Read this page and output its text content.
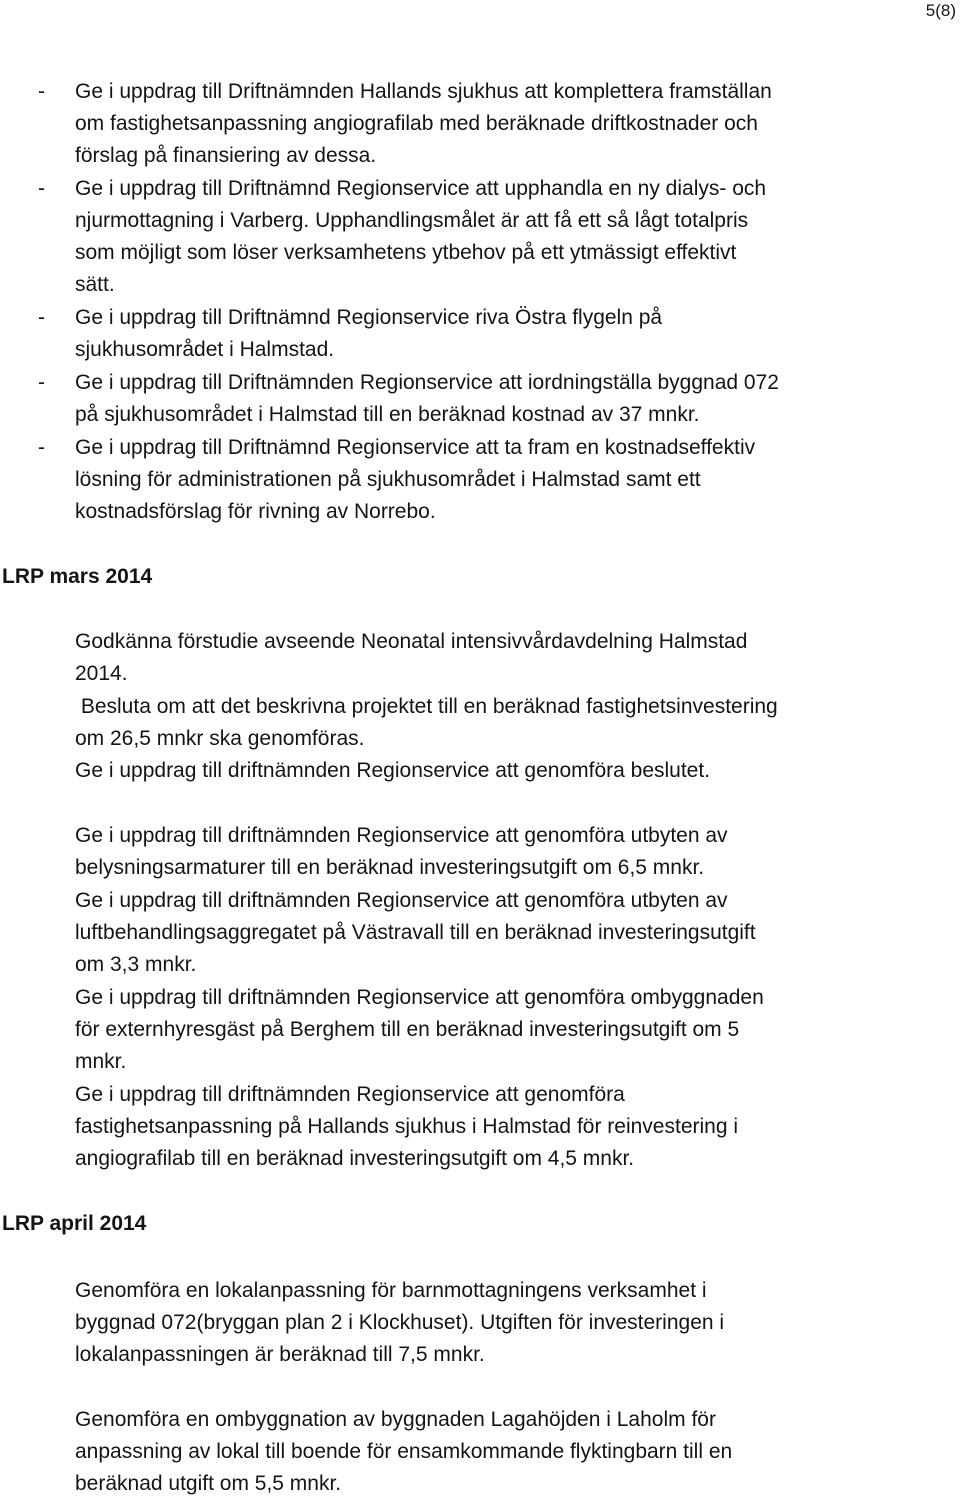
5(8)
- Ge i uppdrag till Driftnämnden Hallands sjukhus att komplettera framställan
om fastighetsanpassning angiografilab med beräknade driftkostnader och
förslag på finansiering av dessa.
- Ge i uppdrag till Driftnämnd Regionservice att upphandla en ny dialys- och
njurmottagning i Varberg. Upphandlingsmålet är att få ett så lågt totalpris
som möjligt som löser verksamhetens ytbehov på ett ytmässigt effektivt
sätt.
- Ge i uppdrag till Driftnämnd Regionservice riva Östra flygeln på
sjukhusområdet i Halmstad.
- Ge i uppdrag till Driftnämnden Regionservice att iordningställa byggnad 072
på sjukhusområdet i Halmstad till en beräknad kostnad av 37 mnkr.
- Ge i uppdrag till Driftnämnd Regionservice att ta fram en kostnadseffektiv
lösning för administrationen på sjukhusområdet i Halmstad samt ett
kostnadsförslag för rivning av Norrebo.
LRP mars 2014
Godkänna förstudie avseende Neonatal intensivvårdavdelning Halmstad
2014.
Besluta om att det beskrivna projektet till en beräknad fastighetsinvestering
om 26,5 mnkr ska genomföras.
Ge i uppdrag till driftnämnden Regionservice att genomföra beslutet.
Ge i uppdrag till driftnämnden Regionservice att genomföra utbyten av
belysningsarmaturer till en beräknad investeringsutgift om 6,5 mnkr.
Ge i uppdrag till driftnämnden Regionservice att genomföra utbyten av
luftbehandlingsaggregatet på Västravall till en beräknad investeringsutgift
om 3,3 mnkr.
Ge i uppdrag till driftnämnden Regionservice att genomföra ombyggnaden
för externhyresgäst på Berghem till en beräknad investeringsutgift om 5
mnkr.
Ge i uppdrag till driftnämnden Regionservice att genomföra
fastighetsanpassning på Hallands sjukhus i Halmstad för reinvestering i
angiografilab till en beräknad investeringsutgift om 4,5 mnkr.
LRP april 2014
Genomföra en lokalanpassning för barnmottagningens verksamhet i
byggnad 072(bryggan plan 2 i Klockhuset). Utgiften för investeringen i
lokalanpassningen är beräknad till 7,5 mnkr.
Genomföra en ombyggnation av byggnaden Lagahöjden i Laholm för
anpassning av lokal till boende för ensamkommande flyktingbarn till en
beräknad utgift om 5,5 mnkr.
